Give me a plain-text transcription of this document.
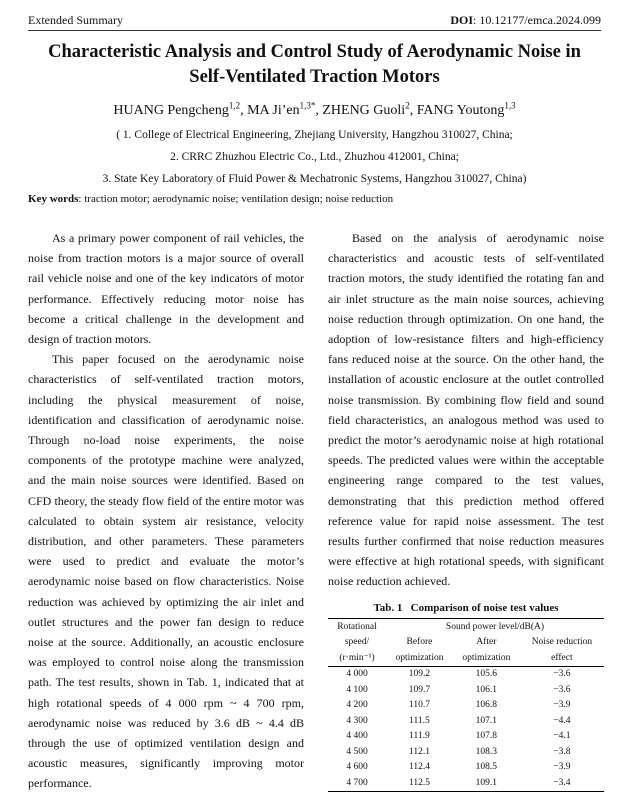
Extended Summary	DOI: 10.12177/emca.2024.099
Characteristic Analysis and Control Study of Aerodynamic Noise in
Self-Ventilated Traction Motors
HUANG Pengcheng$^{1,2}$, MA $Ji’en^{1,3*}$, ZHENG Guoli$^2$, FANG Youtong$^{1,3}$
( 1. College of Electrical Engineering, Zhejiang University, Hangzhou 310027, China;
2. CRRC Zhuzhou Electric Co., Ltd., Zhuzhou 412001, China;
3. State Key Laboratory of Fluid Power & Mechatronic Systems, Hangzhou 310027, China)
Key words: traction motor; aerodynamic noise; ventilation design; noise reduction

As a primary power component of rail vehicles, the noise from traction motors is a major source of overall rail vehicle noise and one of the key indicators of motor performance. Effectively reducing motor noise has become a critical challenge in the development and design of traction motors.

This paper focused on the aerodynamic noise characteristics of self-ventilated traction motors, including the physical measurement of noise, identification and classification of aerodynamic noise. Through no-load noise experiments, the noise components of the prototype machine were analyzed, and the main noise sources were identified. Based on CFD theory, the steady flow field of the entire motor was calculated to obtain system air resistance, velocity distribution, and other parameters. These parameters were used to predict and evaluate the motor’s aerodynamic noise based on flow characteristics. Noise reduction was achieved by optimizing the air inlet and outlet structures and the power fan design to reduce noise at the source. Additionally, an acoustic enclosure was employed to control noise along the transmission path. The test results, shown in Tab. 1, indicated that at high rotational speeds of 4 000 rpm ~ 4 700 rpm, aerodynamic noise was reduced by 3.6 dB ~ 4.4 dB through the use of optimized ventilation design and acoustic measures, significantly improving motor performance.

Based on the analysis of aerodynamic noise characteristics and acoustic tests of self-ventilated traction motors, the study identified the rotating fan and air inlet structure as the main noise sources, achieving noise reduction through optimization. On one hand, the adoption of low-resistance filters and high-efficiency fans reduced noise at the source. On the other hand, the installation of acoustic enclosure at the outlet controlled noise transmission. By combining flow field and sound field characteristics, an analogous method was used to predict the motor’s aerodynamic noise at high rotational speeds. The predicted values were within the acceptable engineering range compared to the test values, demonstrating that this prediction method offered reference value for rapid noise assessment. The test results further confirmed that noise reduction measures were effective at high rotational speeds, with significant noise reduction achieved.

Tab. 1   Comparison of noise test values
Rotational	Sound power level/dB(A)		
speed/	Before	After	Noise reduction
(r·min⁻¹)	optimization	optimization	effect
4 000	109.2	105.6	−3.6
4 100	109.7	106.1	−3.6
4 200	110.7	106.8	−3.9
4 300	111.5	107.1	−4.4
4 400	111.9	107.8	−4.1
4 500	112.1	108.3	−3.8
4 600	112.4	108.5	−3.9
4 700	112.5	109.1	−3.4
